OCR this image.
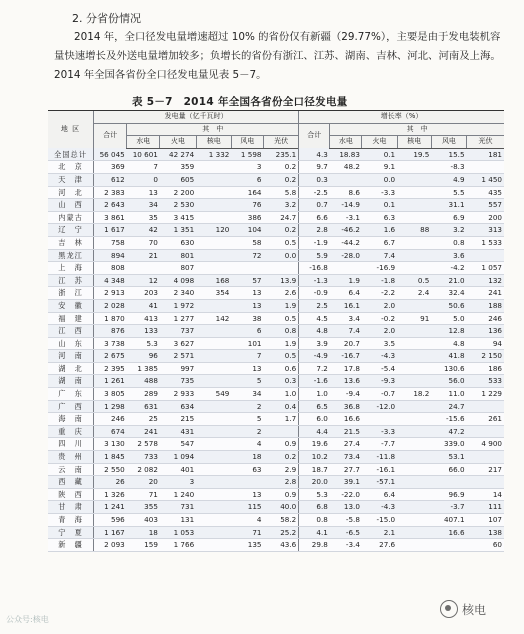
2. 分省份情况
2014 年，全口径发电量增速超过 10% 的省份仅有新疆（29.77%），主要是由于发电装机容量快速增长及外送电量增加较多；负增长的省份有浙江、江苏、湖南、吉林、河北、河南及上海。2014 年全国各省份全口径发电量见表 5－7。
表 5－7　2014 年全国各省份全口径发电量
地 区	发电量（亿千瓦时）						增长率（%）					
	合计	其　中					合计	其　中				
		水电	火电	核电	风电	光伏		水电	火电	核电	风电	光伏
全国总计	56 045	10 601	42 274	1 332	1 598	235.1	4.3	18.83	0.1	19.5	15.5	181
北　京	369	7	359		3	0.2	9.7	48.2	9.1		-8.3	
天　津	612	0	605		6	0.2	0.3		0.0		4.9	1 450
河　北	2 383	13	2 200		164	5.8	-2.5	8.6	-3.3		5.5	435
山　西	2 643	34	2 530		76	3.2	0.7	-14.9	0.1		31.1	557
内蒙古	3 861	35	3 415		386	24.7	6.6	-3.1	6.3		6.9	200
辽　宁	1 617	42	1 351	120	104	0.2	2.8	-46.2	1.6	88	3.2	313
吉　林	758	70	630		58	0.5	-1.9	-44.2	6.7		0.8	1 533
黑龙江	894	21	801		72	0.0	5.9	-28.0	7.4		3.6	
上　海	808		807				-16.8		-16.9		-4.2	1 057
江　苏	4 348	12	4 098	168	57	13.9	-1.3	1.9	-1.8	0.5	21.0	132
浙　江	2 913	203	2 340	354	13	2.6	-0.9	6.4	-2.2	2.4	32.4	241
安　徽	2 028	41	1 972		13	1.9	2.5	16.1	2.0		50.6	188
福　建	1 870	413	1 277	142	38	0.5	4.5	3.4	-0.2	91	5.0	246
江　西	876	133	737		6	0.8	4.8	7.4	2.0		12.8	136
山　东	3 738	5.3	3 627		101	1.9	3.9	20.7	3.5		4.8	94
河　南	2 675	96	2 571		7	0.5	-4.9	-16.7	-4.3		41.8	2 150
湖　北	2 395	1 385	997		13	0.6	7.2	17.8	-5.4		130.6	186
湖　南	1 261	488	735		5	0.3	-1.6	13.6	-9.3		56.0	533
广　东	3 805	289	2 933	549	34	1.0	1.0	-9.4	-0.7	18.2	11.0	1 229
广　西	1 298	631	634		2	0.4	6.5	36.8	-12.0		24.7	
海　南	246	25	215		5	1.7	6.0	16.6			-15.6	261
重　庆	674	241	431		2		4.4	21.5	-3.3		47.2	
四　川	3 130	2 578	547		4	0.9	19.6	27.4	-7.7		339.0	4 900
贵　州	1 845	733	1 094		18	0.2	10.2	73.4	-11.8		53.1	
云　南	2 550	2 082	401		63	2.9	18.7	27.7	-16.1		66.0	217
西　藏	26	20	3			2.8	20.0	39.1	-57.1			
陕　西	1 326	71	1 240		13	0.9	5.3	-22.0	6.4		96.9	14
甘　肃	1 241	355	731		115	40.0	6.8	13.0	-4.3		-3.7	111
青　海	596	403	131		4	58.2	0.8	-5.8	-15.0		407.1	107
宁　夏	1 167	18	1 053		71	25.2	4.1	-6.5	2.1		16.6	138
新　疆	2 093	159	1 766		135	43.6	29.8	-3.4	27.6			60
公众号:核电
核电
